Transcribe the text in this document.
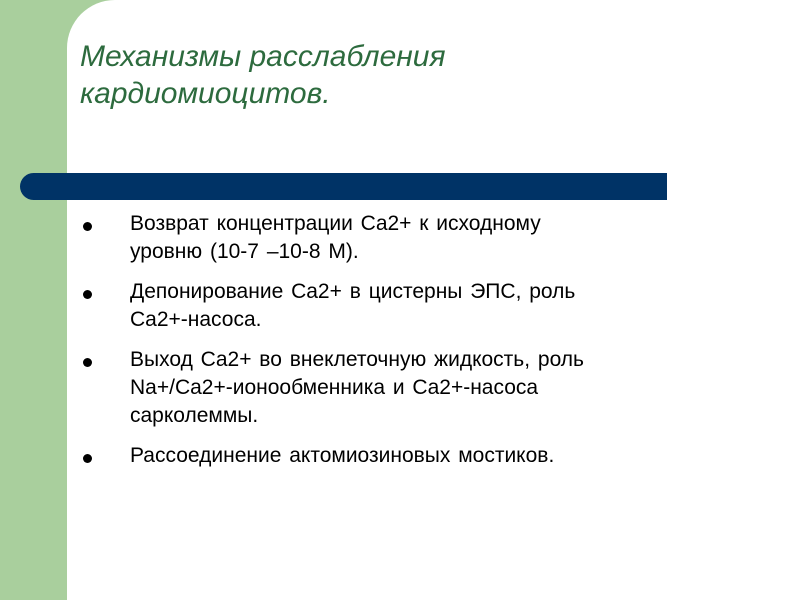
Механизмы расслабления
кардиомиоцитов.
Возврат концентрации Ca2+ к исходному
уровню (10-7 –10-8 М).
Депонирование Ca2+ в цистерны ЭПС, роль
Ca2+-насоса.
Выход Ca2+ во внеклеточную жидкость, роль
Na+/Ca2+-ионообменника и Ca2+-насоса
сарколеммы.
Рассоединение актомиозиновых мостиков.
